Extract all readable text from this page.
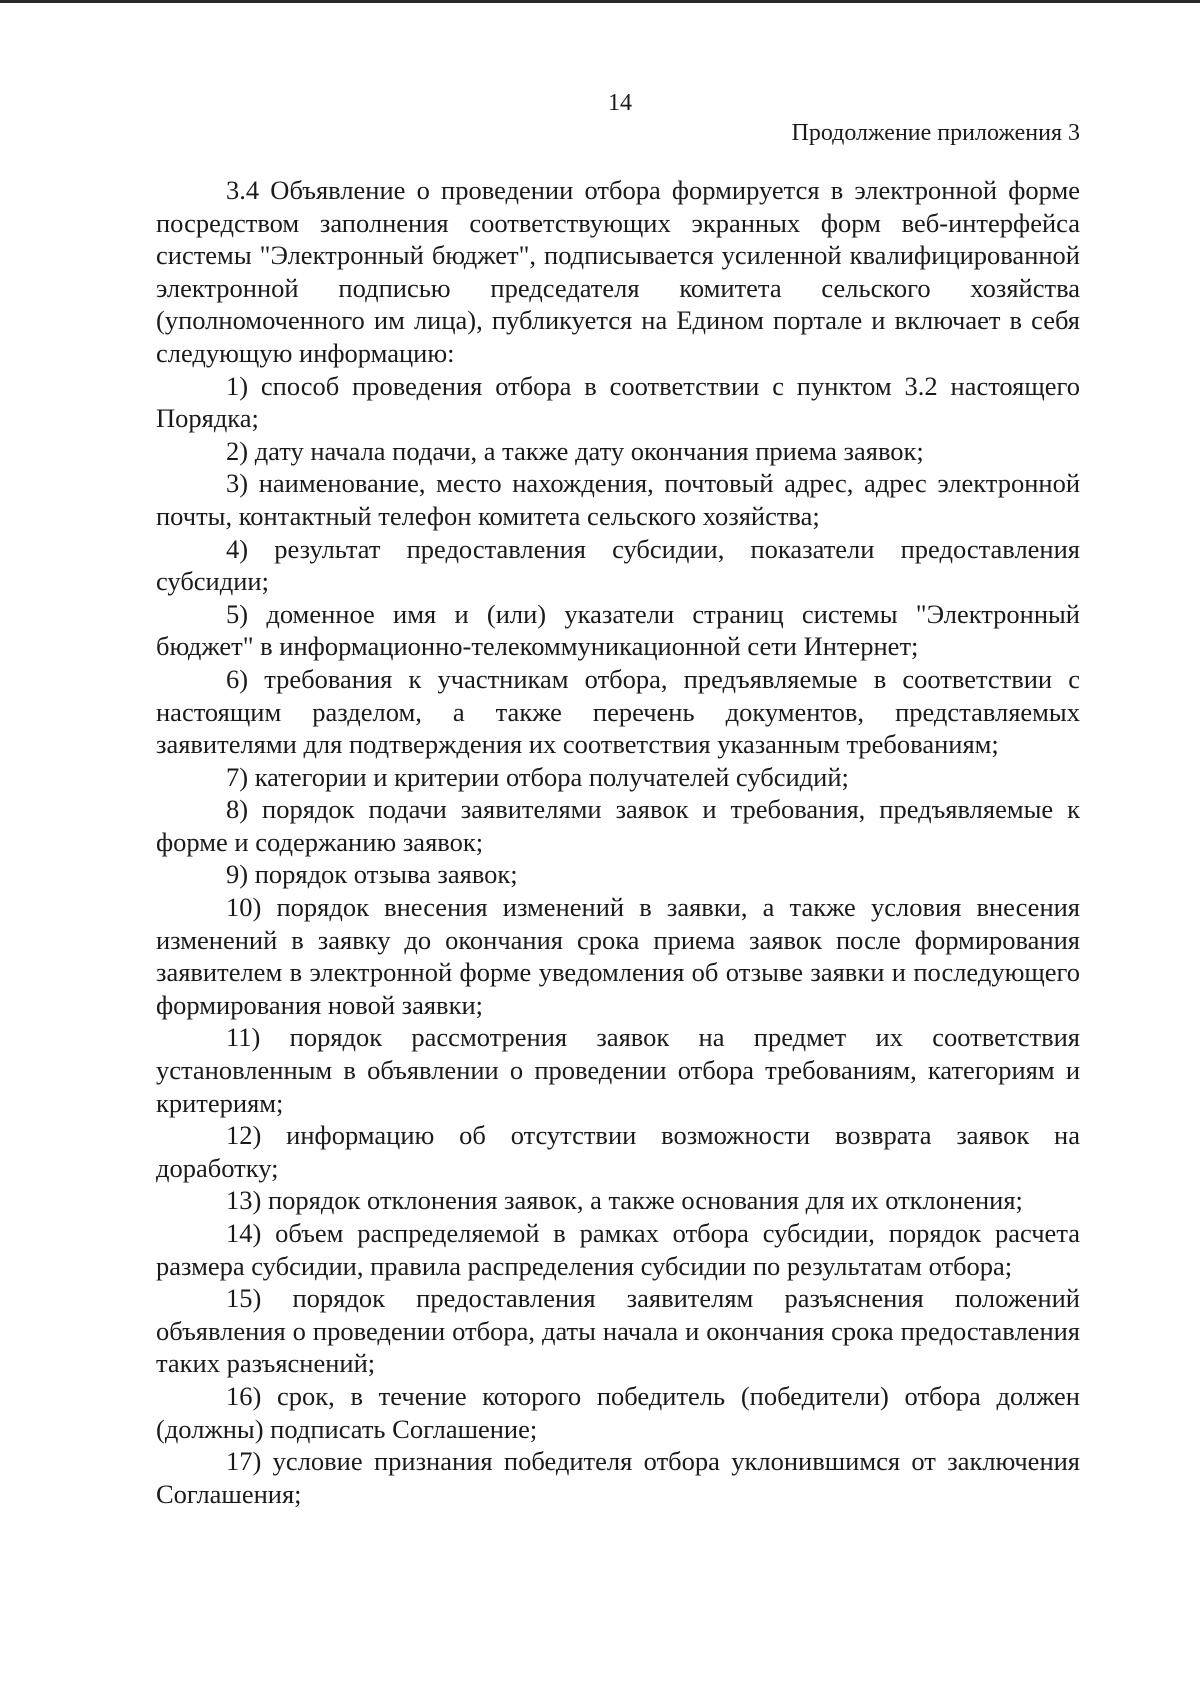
14
Продолжение приложения 3

3.4 Объявление о проведении отбора формируется в электронной форме посредством заполнения соответствующих экранных форм веб-интерфейса системы "Электронный бюджет", подписывается усиленной квалифицированной электронной подписью председателя комитета сельского хозяйства (уполномоченного им лица), публикуется на Едином портале и включает в себя следующую информацию:

1) способ проведения отбора в соответствии с пунктом 3.2 настоящего Порядка;

2) дату начала подачи, а также дату окончания приема заявок;

3) наименование, место нахождения, почтовый адрес, адрес электронной почты, контактный телефон комитета сельского хозяйства;

4) результат предоставления субсидии, показатели предоставления субсидии;

5) доменное имя и (или) указатели страниц системы "Электронный бюджет" в информационно-телекоммуникационной сети Интернет;

6) требования к участникам отбора, предъявляемые в соответствии с настоящим разделом, а также перечень документов, представляемых заявителями для подтверждения их соответствия указанным требованиям;

7) категории и критерии отбора получателей субсидий;

8) порядок подачи заявителями заявок и требования, предъявляемые к форме и содержанию заявок;

9) порядок отзыва заявок;

10) порядок внесения изменений в заявки, а также условия внесения изменений в заявку до окончания срока приема заявок после формирования заявителем в электронной форме уведомления об отзыве заявки и последующего формирования новой заявки;

11) порядок рассмотрения заявок на предмет их соответствия установленным в объявлении о проведении отбора требованиям, категориям и критериям;

12) информацию об отсутствии возможности возврата заявок на доработку;

13) порядок отклонения заявок, а также основания для их отклонения;

14) объем распределяемой в рамках отбора субсидии, порядок расчета размера субсидии, правила распределения субсидии по результатам отбора;

15) порядок предоставления заявителям разъяснения положений объявления о проведении отбора, даты начала и окончания срока предоставления таких разъяснений;

16) срок, в течение которого победитель (победители) отбора должен (должны) подписать Соглашение;

17) условие признания победителя отбора уклонившимся от заключения Соглашения;
